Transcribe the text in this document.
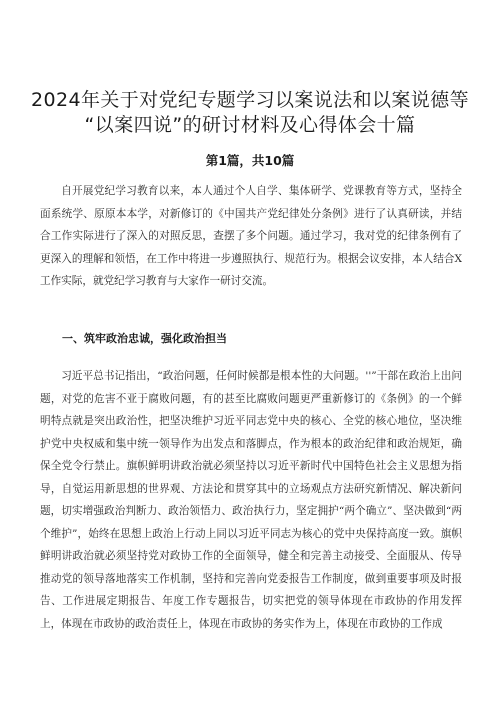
2024年关于对党纪专题学习以案说法和以案说德等
“以案四说”的研讨材料及心得体会十篇
第1篇，共10篇

自开展党纪学习教育以来，本人通过个人自学、集体研学、党课教育等方式，坚持全面系统学、原原本本学，对新修订的《中国共产党纪律处分条例》进行了认真研读，并结合工作实际进行了深入的对照反思，查摆了多个问题。通过学习，我对党的纪律条例有了更深入的理解和领悟，在工作中将进一步遵照执行、规范行为。根据会议安排，本人结合X工作实际，就党纪学习教育与大家作一研讨交流。

一、筑牢政治忠诚，强化政治担当

习近平总书记指出，“政治问题，任何时候都是根本性的大问题。''”干部在政治上出问题，对党的危害不亚于腐败问题，有的甚至比腐败问题更严重新修订的《条例》的一个鲜明特点就是突出政治性，把坚决维护习近平同志党中央的核心、全党的核心地位，坚决维护党中央权威和集中统一领导作为出发点和落脚点，作为根本的政治纪律和政治规矩，确保全党令行禁止。旗帜鲜明讲政治就必须坚持以习近平新时代中国特色社会主义思想为指导，自觉运用新思想的世界观、方法论和贯穿其中的立场观点方法研究新情况、解决新问题，切实增强政治判断力、政治领悟力、政治执行力，坚定拥护“两个确立”、坚决做到“两个维护”，始终在思想上政治上行动上同以习近平同志为核心的党中央保持高度一致。旗帜鲜明讲政治就必须坚持党对政协工作的全面领导，健全和完善主动接受、全面服从、传导推动党的领导落地落实工作机制，坚持和完善向党委报告工作制度，做到重要事项及时报告、工作进展定期报告、年度工作专题报告，切实把党的领导体现在市政协的作用发挥上，体现在市政协的政治责任上，体现在市政协的务实作为上，体现在市政协的工作成
